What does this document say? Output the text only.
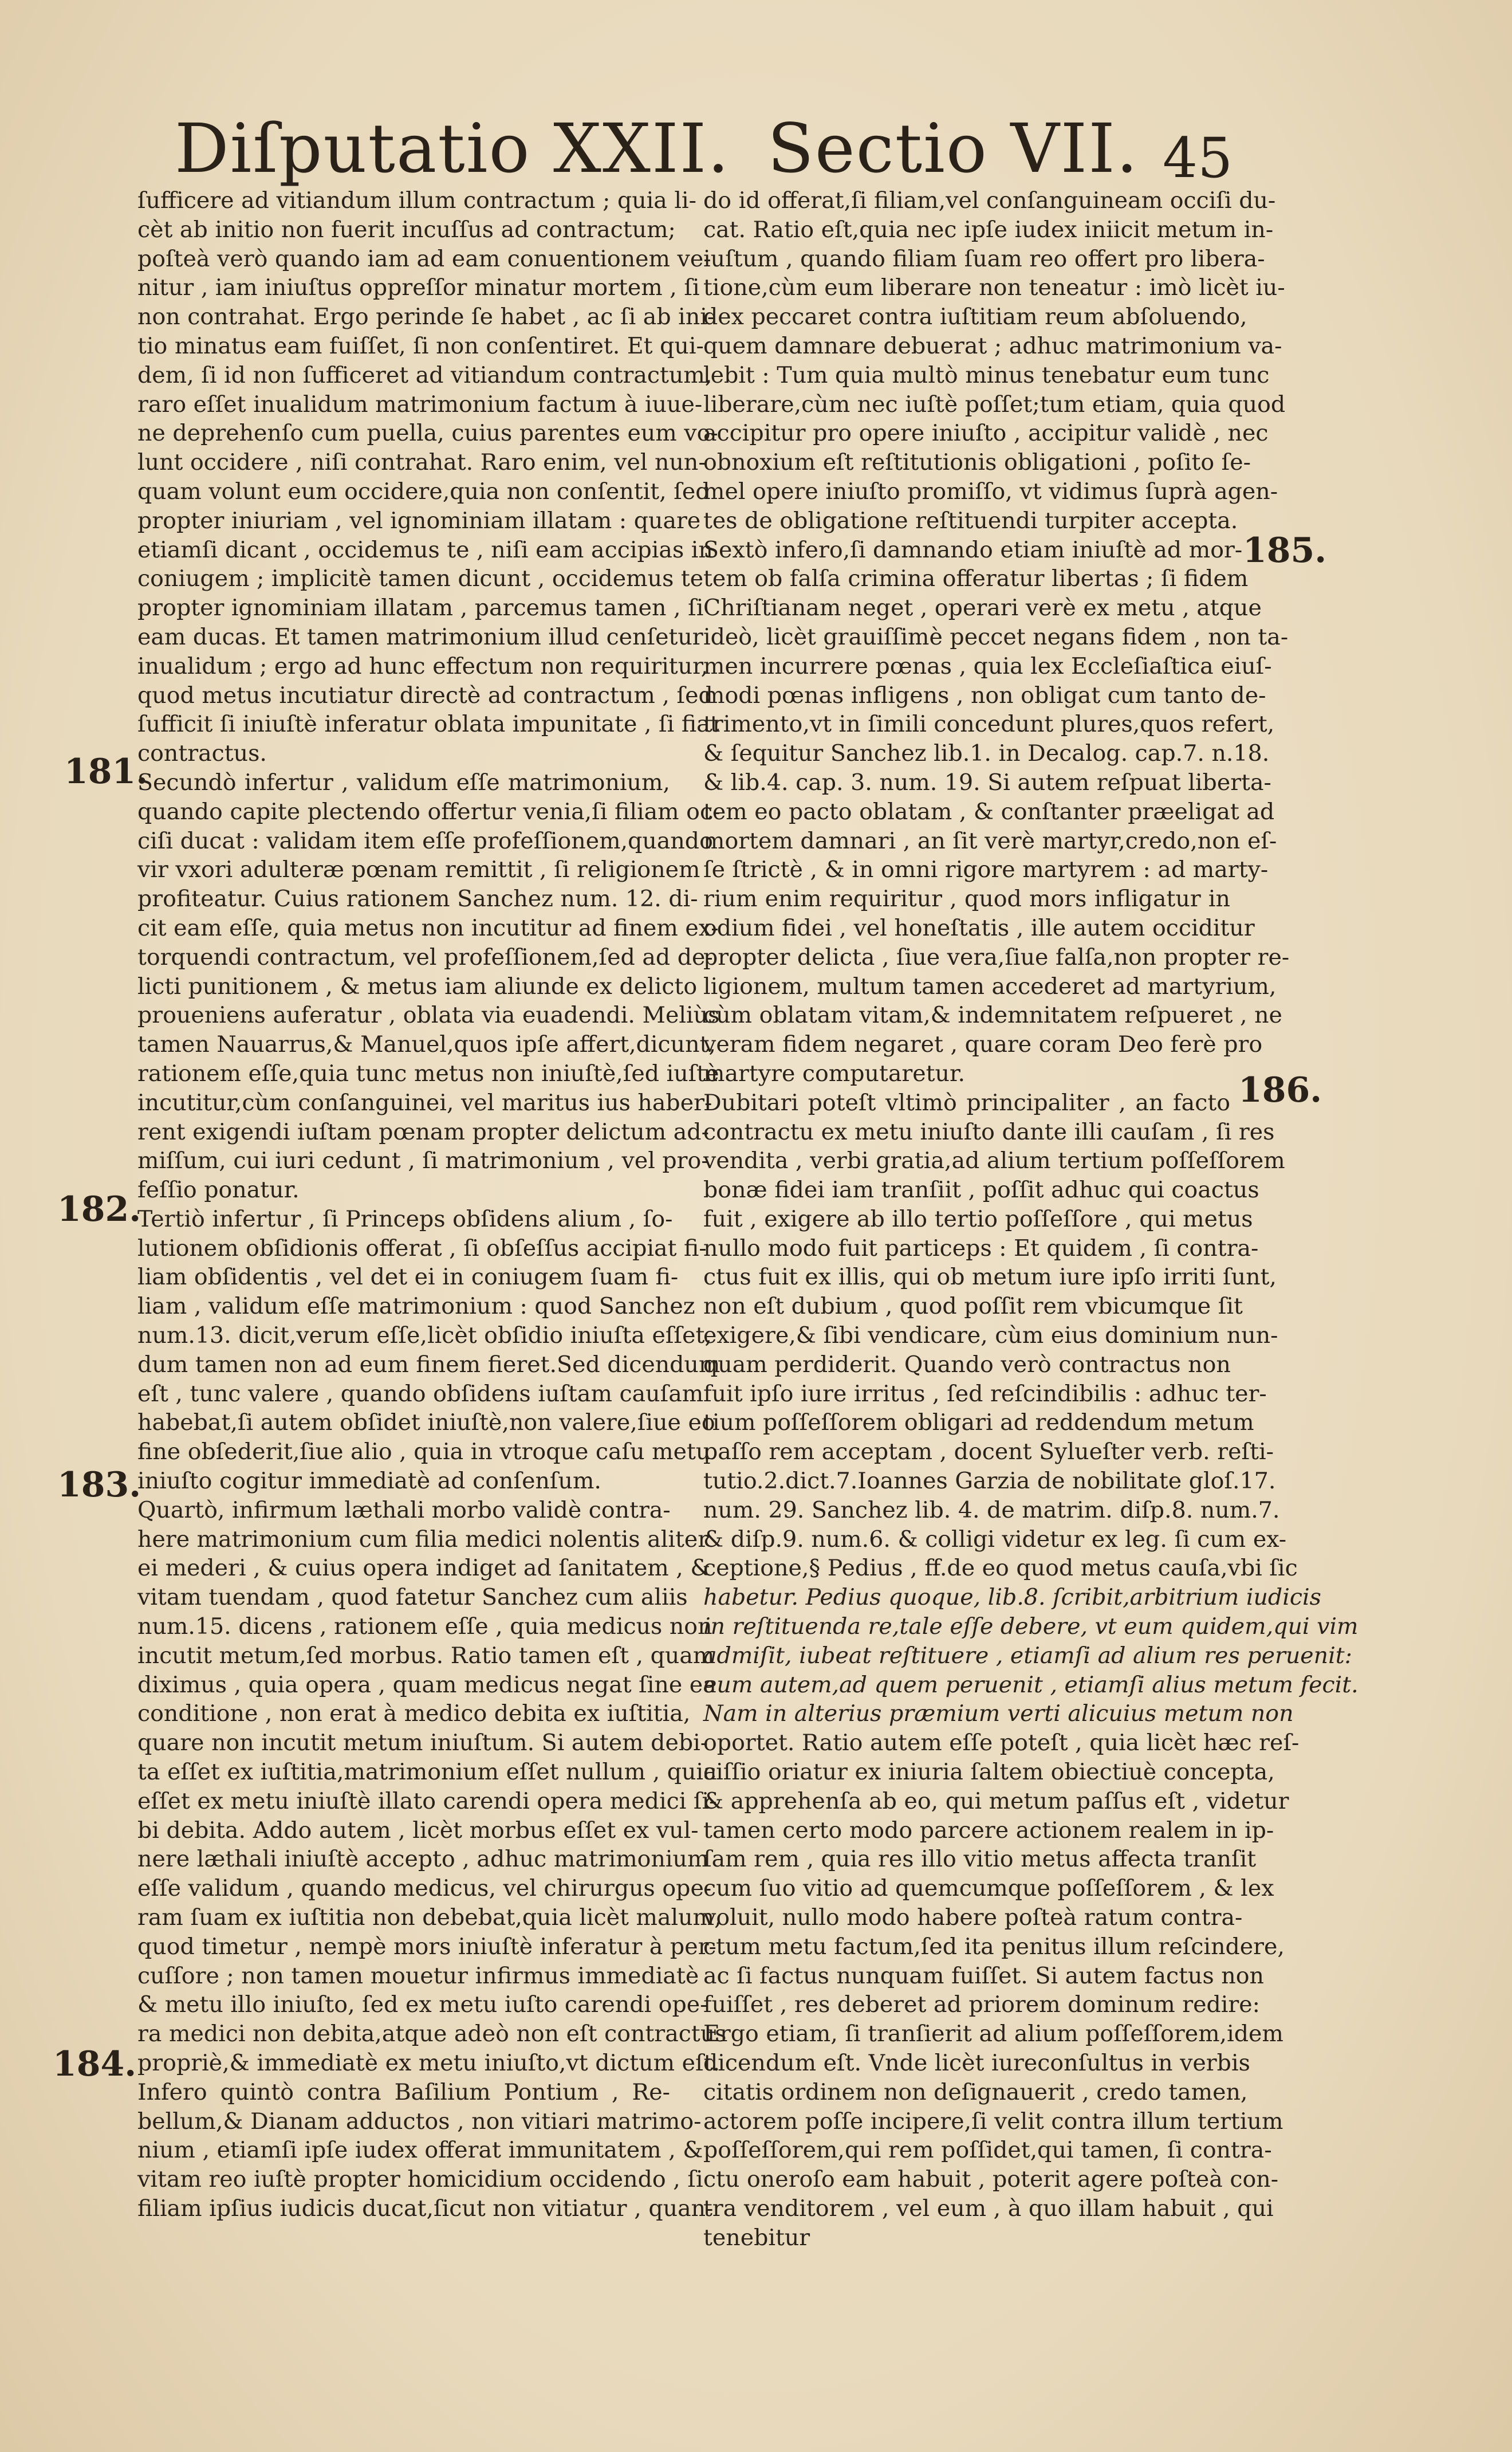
Diſputatio XXII. Sectio VII. 45
181.
182.
183.
184.
185.
186.
ſufficere ad vitiandum illum contractum ; quia li-
cèt ab initio non fuerit incuſſus ad contractum;
poſteà verò quando iam ad eam conuentionem ve-
nitur , iam iniuſtus oppreſſor minatur mortem , ſi
non contrahat. Ergo perinde ſe habet , ac ſi ab ini-
tio minatus eam fuiſſet, ſi non conſentiret. Et qui-
dem, ſi id non ſufficeret ad vitiandum contractum,
raro eſſet inualidum matrimonium factum à iuue-
ne deprehenſo cum puella, cuius parentes eum vo-
lunt occidere , niſi contrahat. Raro enim, vel nun-
quam volunt eum occidere,quia non conſentit, ſed
propter iniuriam , vel ignominiam illatam : quare
etiamſi dicant , occidemus te , niſi eam accipias in
coniugem ; implicitè tamen dicunt , occidemus te
propter ignominiam illatam , parcemus tamen , ſi
eam ducas. Et tamen matrimonium illud cenſetur
inualidum ; ergo ad hunc effectum non requiritur,
quod metus incutiatur directè ad contractum , ſed
ſufficit ſi iniuſtè inferatur oblata impunitate , ſi fiat
contractus.
Secundò infertur , validum eſſe matrimonium,
quando capite plectendo offertur venia,ſi filiam oc-
ciſi ducat : validam item eſſe profeſſionem,quando
vir vxori adulteræ pœnam remittit , ſi religionem
profiteatur. Cuius rationem Sanchez num. 12. di-
cit eam eſſe, quia metus non incutitur ad finem ex-
torquendi contractum, vel profeſſionem,ſed ad de-
licti punitionem , & metus iam aliunde ex delicto
proueniens auferatur , oblata via euadendi. Meliùs
tamen Nauarrus,& Manuel,quos ipſe affert,dicunt,
rationem eſſe,quia tunc metus non iniuſtè,ſed iuſtè
incutitur,cùm conſanguinei, vel maritus ius haber-
rent exigendi iuſtam pœnam propter delictum ad-
miſſum, cui iuri cedunt , ſi matrimonium , vel pro-
feſſio ponatur.
Tertiò infertur , ſi Princeps obſidens alium , ſo-
lutionem obſidionis offerat , ſi obſeſſus accipiat fi-
liam obſidentis , vel det ei in coniugem ſuam fi-
liam , validum eſſe matrimonium : quod Sanchez
num.13. dicit,verum eſſe,licèt obſidio iniuſta eſſet,
dum tamen non ad eum finem fieret.Sed dicendum
eſt , tunc valere , quando obſidens iuſtam cauſam
habebat,ſi autem obſidet iniuſtè,non valere,ſiue eo
fine obſederit,ſiue alio , quia in vtroque caſu metu
iniuſto cogitur immediatè ad conſenſum.
Quartò, infirmum læthali morbo validè contra-
here matrimonium cum filia medici nolentis aliter
ei mederi , & cuius opera indiget ad ſanitatem , &
vitam tuendam , quod fatetur Sanchez cum aliis
num.15. dicens , rationem eſſe , quia medicus non
incutit metum,ſed morbus. Ratio tamen eſt , quam
diximus , quia opera , quam medicus negat ſine ea
conditione , non erat à medico debita ex iuſtitia,
quare non incutit metum iniuſtum. Si autem debi-
ta eſſet ex iuſtitia,matrimonium eſſet nullum , quia
eſſet ex metu iniuſtè illato carendi opera medici ſi-
bi debita. Addo autem , licèt morbus eſſet ex vul-
nere læthali iniuſtè accepto , adhuc matrimonium
eſſe validum , quando medicus, vel chirurgus ope-
ram ſuam ex iuſtitia non debebat,quia licèt malum,
quod timetur , nempè mors iniuſtè inferatur à per-
cuſſore ; non tamen mouetur infirmus immediatè
& metu illo iniuſto, ſed ex metu iuſto carendi ope-
ra medici non debita,atque adeò non eſt contractus
propriè,& immediatè ex metu iniuſto,vt dictum eſt.
Infero quintò contra Baſilium Pontium , Re-
bellum,& Dianam adductos , non vitiari matrimo-
nium , etiamſi ipſe iudex offerat immunitatem , &
vitam reo iuſtè propter homicidium occidendo , ſi
filiam ipſius iudicis ducat,ſicut non vitiatur , quan-
do id offerat,ſi filiam,vel conſanguineam occiſi du-
cat. Ratio eſt,quia nec ipſe iudex iniicit metum in-
iuſtum , quando filiam ſuam reo offert pro libera-
tione,cùm eum liberare non teneatur : imò licèt iu-
dex peccaret contra iuſtitiam reum abſoluendo,
quem damnare debuerat ; adhuc matrimonium va-
lebit : Tum quia multò minus tenebatur eum tunc
liberare,cùm nec iuſtè poſſet;tum etiam, quia quod
accipitur pro opere iniuſto , accipitur validè , nec
obnoxium eſt reſtitutionis obligationi , poſito ſe-
mel opere iniuſto promiſſo, vt vidimus ſuprà agen-
tes de obligatione reſtituendi turpiter accepta.
Sextò infero,ſi damnando etiam iniuſtè ad mor-
tem ob falſa crimina offeratur libertas ; ſi fidem
Chriſtianam neget , operari verè ex metu , atque
ideò, licèt grauiſſimè peccet negans fidem , non ta-
men incurrere pœnas , quia lex Eccleſiaſtica eiuſ-
modi pœnas infligens , non obligat cum tanto de-
trimento,vt in ſimili concedunt plures,quos refert,
& ſequitur Sanchez lib.1. in Decalog. cap.7. n.18.
& lib.4. cap. 3. num. 19. Si autem reſpuat liberta-
tem eo pacto oblatam , & conſtanter præeligat ad
mortem damnari , an ſit verè martyr,credo,non eſ-
ſe ſtrictè , & in omni rigore martyrem : ad marty-
rium enim requiritur , quod mors infligatur in
odium fidei , vel honeſtatis , ille autem occiditur
propter delicta , ſiue vera,ſiue falſa,non propter re-
ligionem, multum tamen accederet ad martyrium,
cùm oblatam vitam,& indemnitatem reſpueret , ne
veram fidem negaret , quare coram Deo ferè pro
martyre computaretur.
Dubitari poteſt vltimò principaliter , an facto
contractu ex metu iniuſto dante illi cauſam , ſi res
vendita , verbi gratia,ad alium tertium poſſeſſorem
bonæ fidei iam tranſiit , poſſit adhuc qui coactus
fuit , exigere ab illo tertio poſſeſſore , qui metus
nullo modo fuit particeps : Et quidem , ſi contra-
ctus fuit ex illis, qui ob metum iure ipſo irriti ſunt,
non eſt dubium , quod poſſit rem vbicumque ſit
exigere,& ſibi vendicare, cùm eius dominium nun-
quam perdiderit. Quando verò contractus non
fuit ipſo iure irritus , ſed reſcindibilis : adhuc ter-
tium poſſeſſorem obligari ad reddendum metum
paſſo rem acceptam , docent Sylueſter verb. reſti-
tutio.2.dict.7.Ioannes Garzia de nobilitate gloſ.17.
num. 29. Sanchez lib. 4. de matrim. diſp.8. num.7.
& diſp.9. num.6. & colligi videtur ex leg. ſi cum ex-
ceptione,§ Pedius , ff.de eo quod metus cauſa,vbi ſic
habetur. Pedius quoque, lib.8. ſcribit,arbitrium iudicis
in reſtituenda re,tale eſſe debere, vt eum quidem,qui vim
admiſit, iubeat reſtituere , etiamſi ad alium res peruenit:
eum autem,ad quem peruenit , etiamſi alius metum fecit.
Nam in alterius præmium verti alicuius metum non
oportet. Ratio autem eſſe poteſt , quia licèt hæc reſ-
ciſſio oriatur ex iniuria ſaltem obiectiuè concepta,
& apprehenſa ab eo, qui metum paſſus eſt , videtur
tamen certo modo parcere actionem realem in ip-
ſam rem , quia res illo vitio metus affecta tranſit
cum ſuo vitio ad quemcumque poſſeſſorem , & lex
voluit, nullo modo habere poſteà ratum contra-
ctum metu factum,ſed ita penitus illum reſcindere,
ac ſi factus nunquam fuiſſet. Si autem factus non
fuiſſet , res deberet ad priorem dominum redire:
Ergo etiam, ſi tranſierit ad alium poſſeſſorem,idem
dicendum eſt. Vnde licèt iureconſultus in verbis
citatis ordinem non deſignauerit , credo tamen,
actorem poſſe incipere,ſi velit contra illum tertium
poſſeſſorem,qui rem poſſidet,qui tamen, ſi contra-
ctu oneroſo eam habuit , poterit agere poſteà con-
tra venditorem , vel eum , à quo illam habuit , qui
tenebitur
